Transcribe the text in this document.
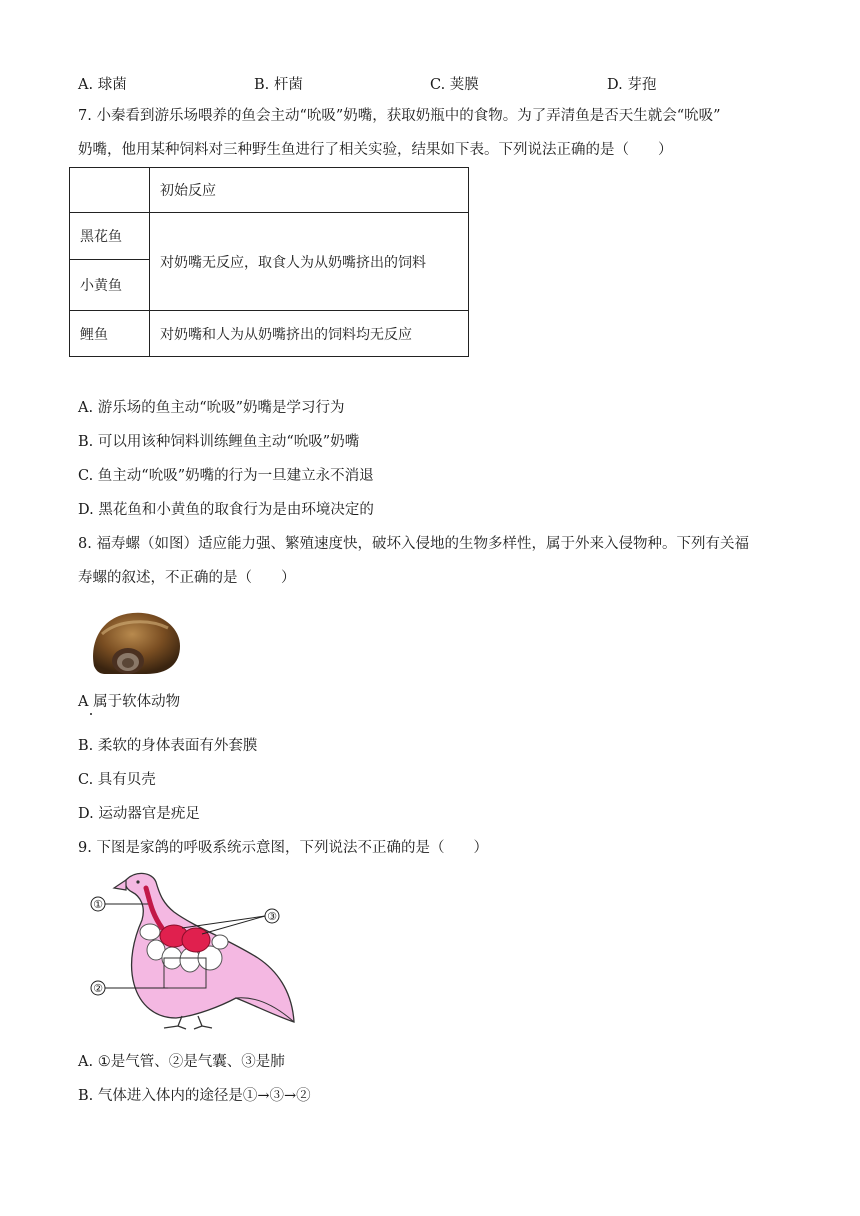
A. 球菌	B. 杆菌	C. 荚膜	D. 芽孢
7. 小秦看到游乐场喂养的鱼会主动“吮吸”奶嘴，获取奶瓶中的食物。为了弄清鱼是否天生就会“吮吸”
奶嘴，他用某种饲料对三种野生鱼进行了相关实验，结果如下表。下列说法正确的是（　　）
	初始反应
黑花鱼	对奶嘴无反应，取食人为从奶嘴挤出的饲料
小黄鱼	
鲤鱼	对奶嘴和人为从奶嘴挤出的饲料均无反应
A. 游乐场的鱼主动“吮吸”奶嘴是学习行为
B. 可以用该种饲料训练鲤鱼主动“吮吸”奶嘴
C. 鱼主动“吮吸”奶嘴的行为一旦建立永不消退
D. 黑花鱼和小黄鱼的取食行为是由环境决定的
8. 福寿螺（如图）适应能力强、繁殖速度快，破坏入侵地的生物多样性，属于外来入侵物种。下列有关福
寿螺的叙述，不正确的是（　　）
A 属于软体动物
B. 柔软的身体表面有外套膜
C. 具有贝壳
D. 运动器官是疣足
9. 下图是家鸽的呼吸系统示意图，下列说法不正确的是（　　）
①
②
③
A. ①是气管、②是气囊、③是肺
B. 气体进入体内的途径是①→③→②
